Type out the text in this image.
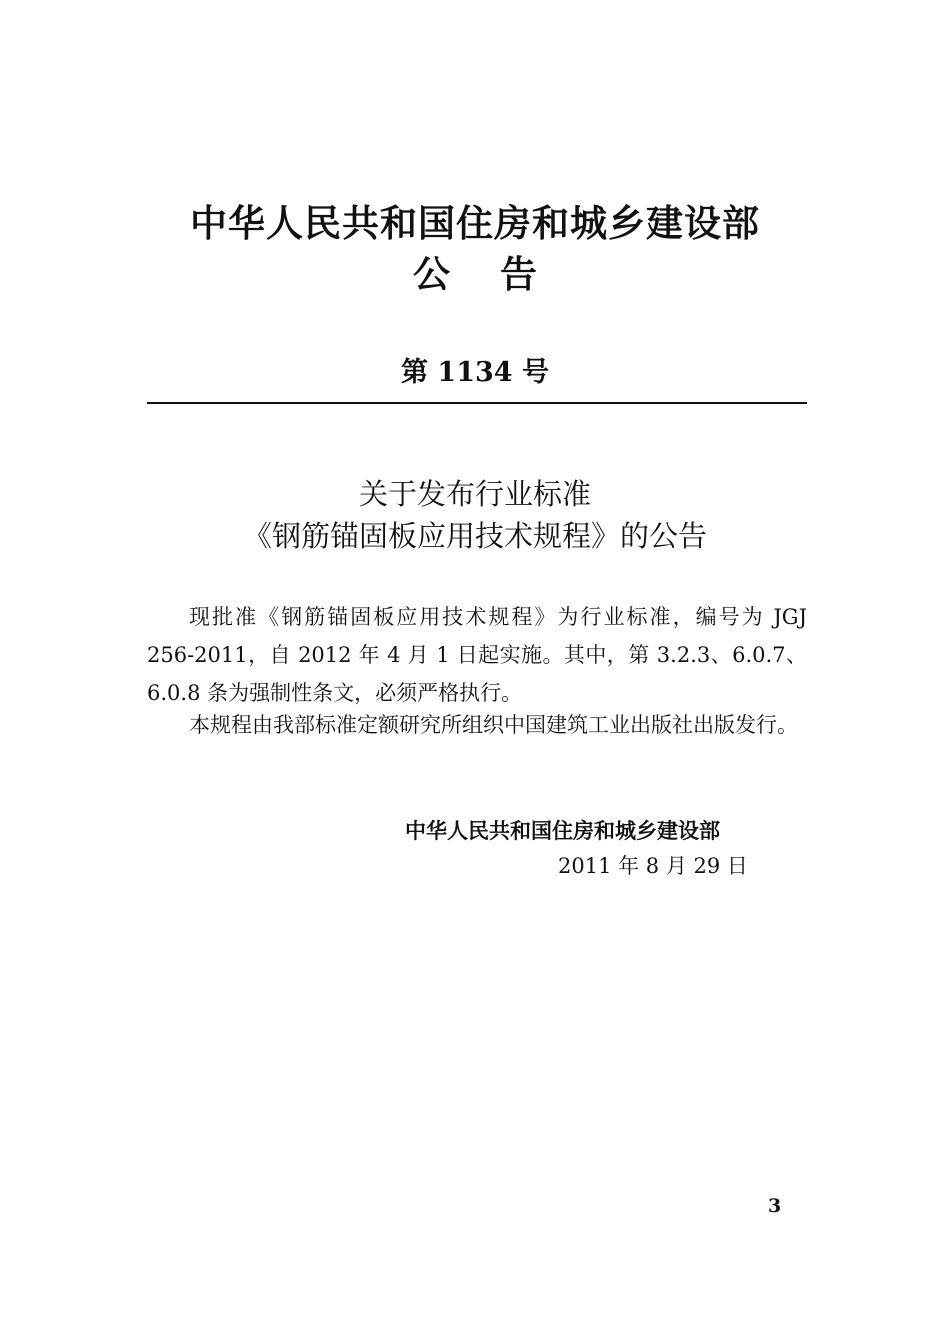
中华人民共和国住房和城乡建设部
公告
第 1134 号
关于发布行业标准
《钢筋锚固板应用技术规程》的公告
现批准《钢筋锚固板应用技术规程》为行业标准，编号为 JGJ 256-2011，自 2012 年 4 月 1 日起实施。其中，第 3.2.3、6.0.7、6.0.8 条为强制性条文，必须严格执行。
本规程由我部标准定额研究所组织中国建筑工业出版社出版发行。
中华人民共和国住房和城乡建设部
2011 年 8 月 29 日
3
